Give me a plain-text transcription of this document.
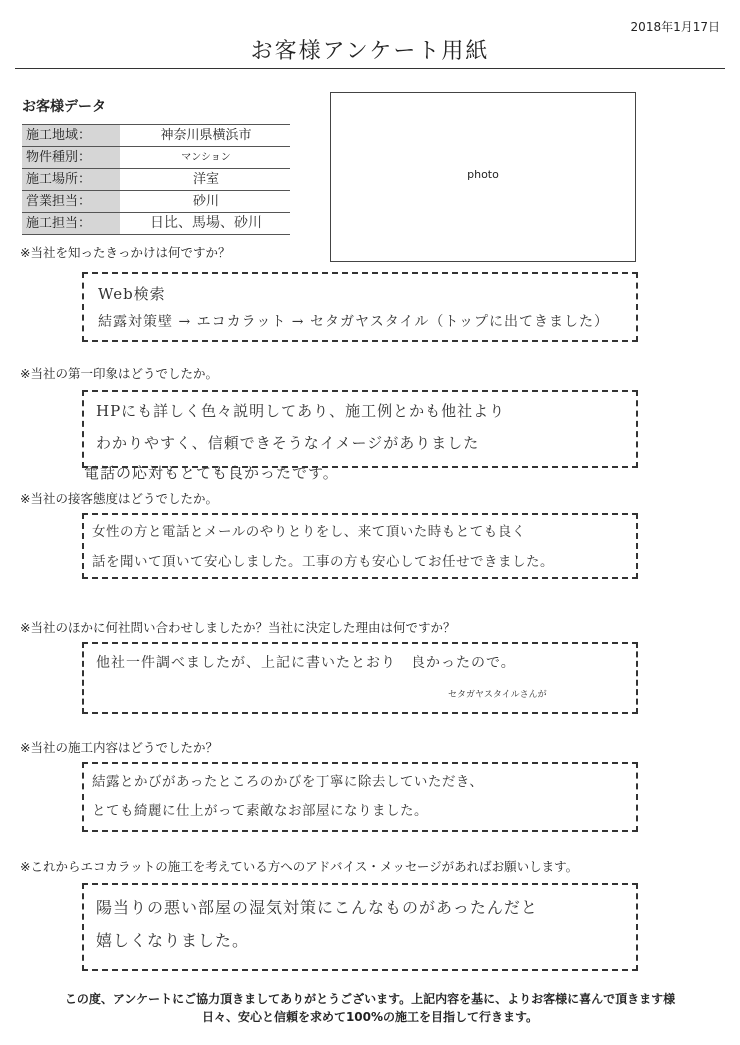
2018年1月17日
お客様アンケート用紙
お客様データ
施工地域：	神奈川県横浜市
物件種別：	マンション
施工場所：	洋室
営業担当：	砂川
施工担当：	日比、馬場、砂川
photo
※当社を知ったきっかけは何ですか？
Web検索
結露対策壁 → エコカラット → セタガヤスタイル（トップに出てきました）
※当社の第一印象はどうでしたか。
HPにも詳しく色々説明してあり、施工例とかも他社より
わかりやすく、信頼できそうなイメージがありました
電話の応対もとても良かったです。
※当社の接客態度はどうでしたか。
女性の方と電話とメールのやりとりをし、来て頂いた時もとても良く
話を聞いて頂いて安心しました。工事の方も安心してお任せできました。
※当社のほかに何社問い合わせしましたか？当社に決定した理由は何ですか？
他社一件調べましたが、上記に書いたとおり　良かったので。
セタガヤスタイルさんが
※当社の施工内容はどうでしたか？
結露とかびがあったところのかびを丁寧に除去していただき、
とても綺麗に仕上がって素敵なお部屋になりました。
※これからエコカラットの施工を考えている方へのアドバイス・メッセージがあればお願いします。
陽当りの悪い部屋の湿気対策にこんなものがあったんだと
嬉しくなりました。
この度、アンケートにご協力頂きましてありがとうございます。上記内容を基に、よりお客様に喜んで頂きます様
日々、安心と信頼を求めて100%の施工を目指して行きます。
